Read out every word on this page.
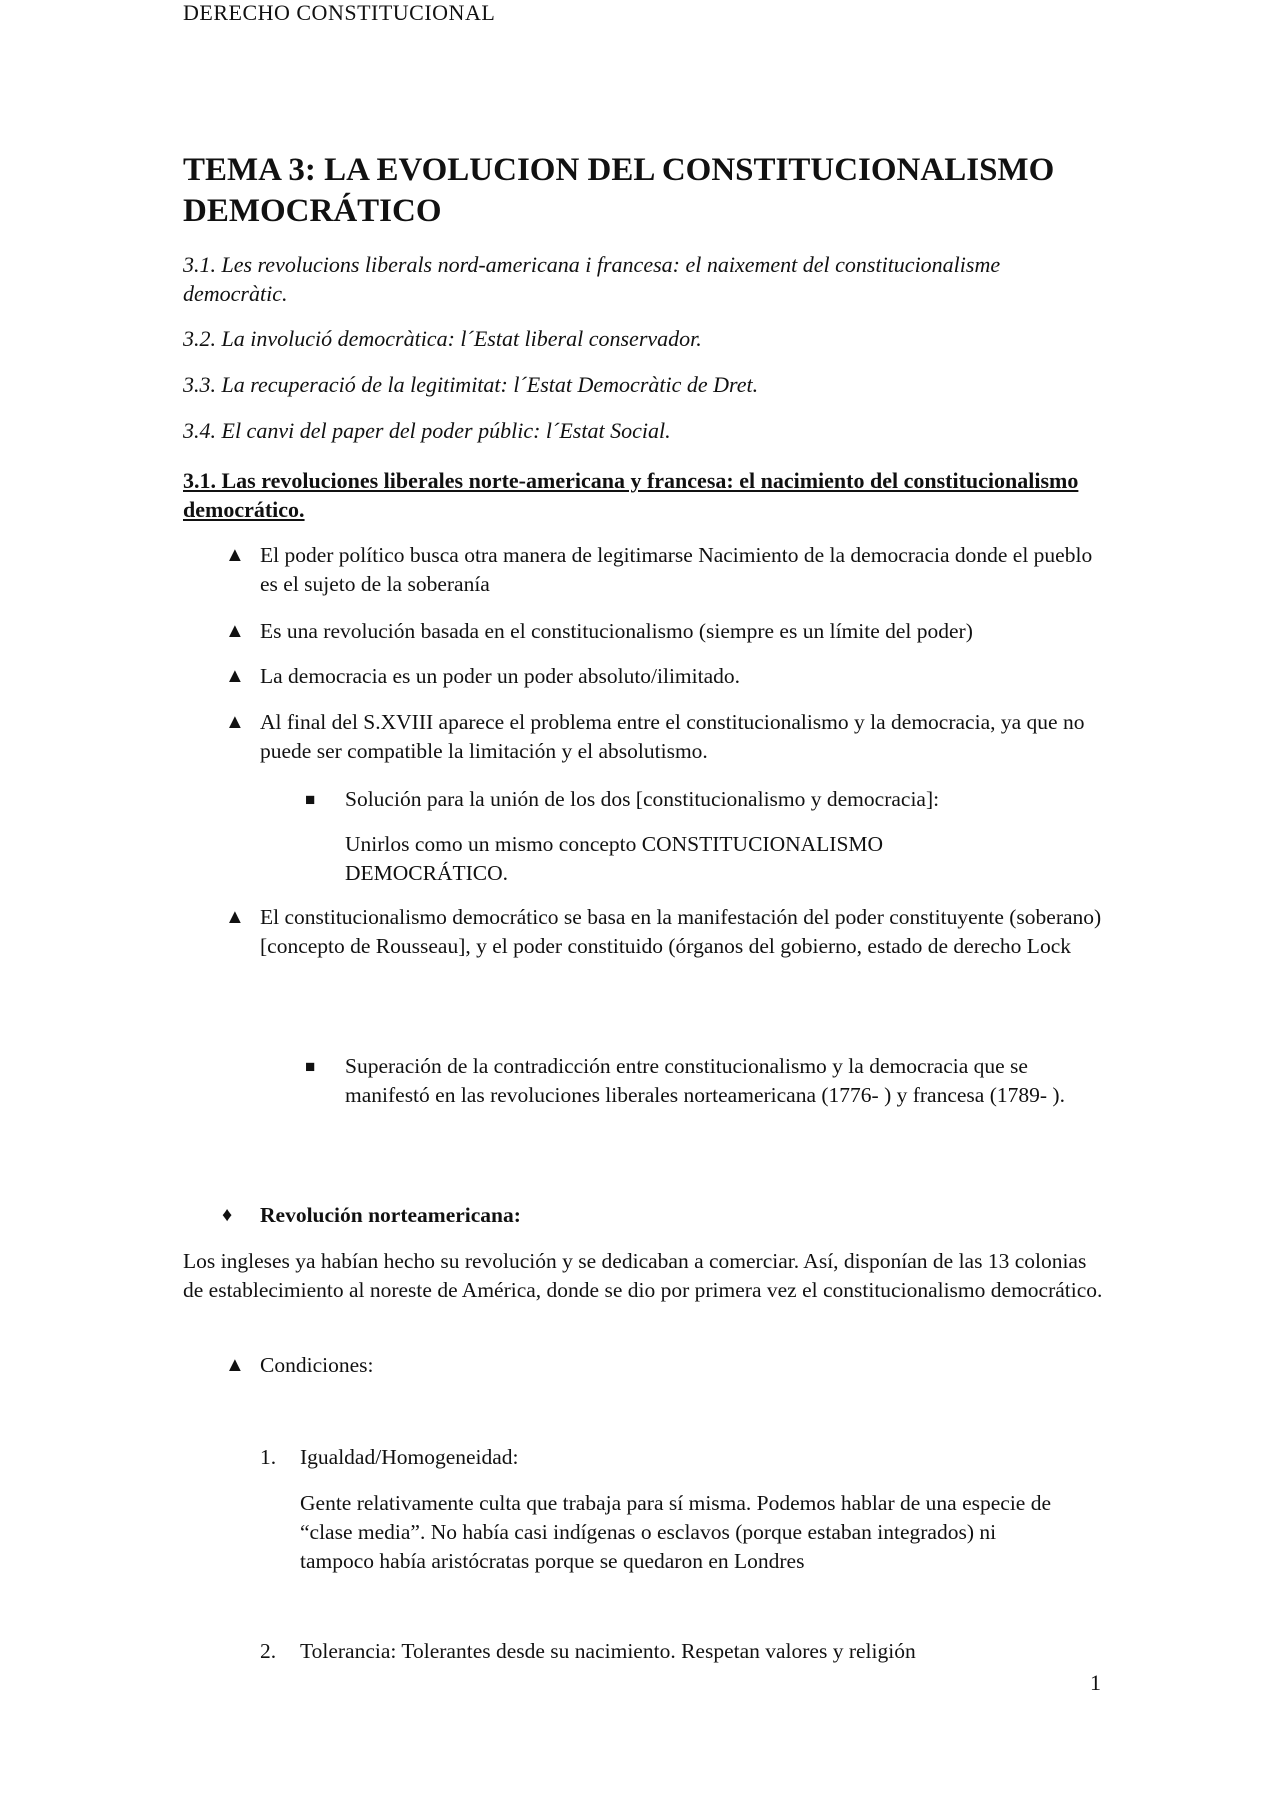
DERECHO CONSTITUCIONAL
TEMA 3: LA EVOLUCION DEL CONSTITUCIONALISMO DEMOCRÁTICO
3.1. Les revolucions liberals nord-americana i francesa: el naixement del constitucionalisme democràtic.
3.2. La involució democràtica: l´Estat liberal conservador.
3.3. La recuperació de la legitimitat: l´Estat Democràtic de Dret.
3.4. El canvi del paper del poder públic: l´Estat Social.
3.1. Las revoluciones liberales norte-americana y francesa: el nacimiento del constitucionalismo democrático.
▲ El poder político busca otra manera de legitimarse Nacimiento de la democracia donde el pueblo es el sujeto de la soberanía
▲ Es una revolución basada en el constitucionalismo (siempre es un límite del poder)
▲ La democracia es un poder un poder absoluto/ilimitado.
▲ Al final del S.XVIII aparece el problema entre el constitucionalismo y la democracia, ya que no puede ser compatible la limitación y el absolutismo.
■ Solución para la unión de los dos [constitucionalismo y democracia]:
Unirlos como un mismo concepto CONSTITUCIONALISMO DEMOCRÁTICO.
▲ El constitucionalismo democrático se basa en la manifestación del poder constituyente (soberano) [concepto de Rousseau], y el poder constituido (órganos del gobierno, estado de derecho Lock
■ Superación de la contradicción entre constitucionalismo y la democracia que se manifestó en las revoluciones liberales norteamericana (1776- ) y francesa (1789- ).
♦ Revolución norteamericana:
Los ingleses ya habían hecho su revolución y se dedicaban a comerciar. Así, disponían de las 13 colonias de establecimiento al noreste de América, donde se dio por primera vez el constitucionalismo democrático.
▲ Condiciones:
1. Igualdad/Homogeneidad:
Gente relativamente culta que trabaja para sí misma. Podemos hablar de una especie de “clase media”. No había casi indígenas o esclavos (porque estaban integrados) ni tampoco había aristócratas porque se quedaron en Londres
2. Tolerancia: Tolerantes desde su nacimiento. Respetan valores y religión
1
